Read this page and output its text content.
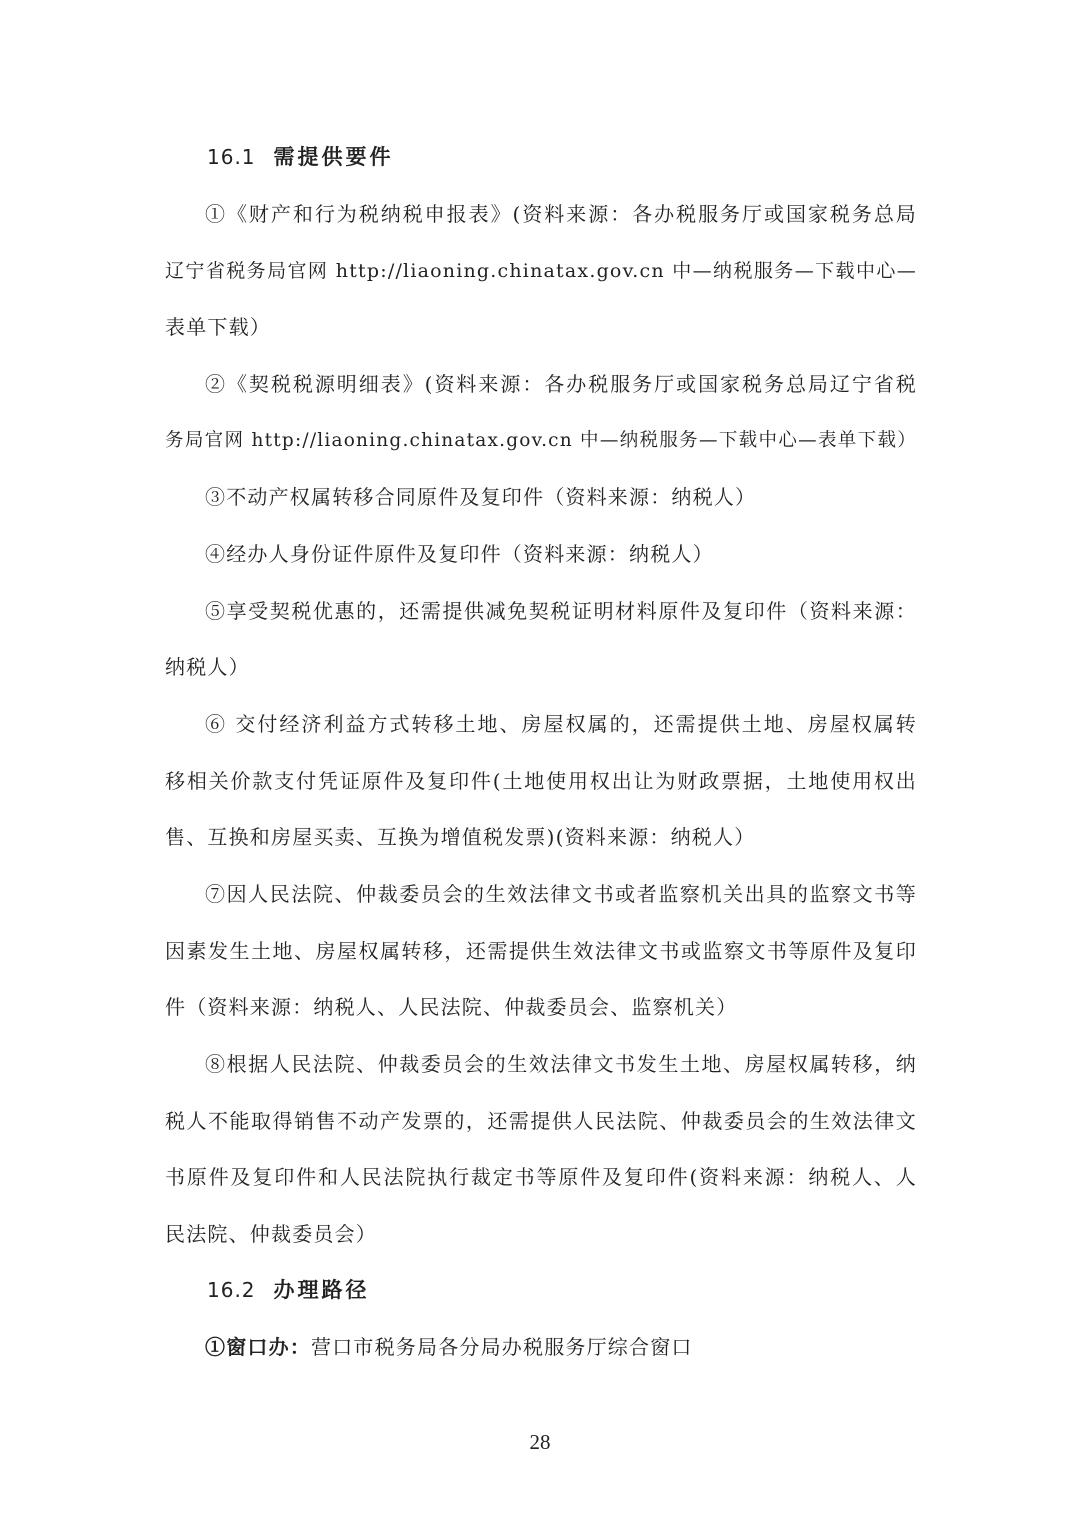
16.1 需提供要件
①《财产和行为税纳税申报表》(资料来源：各办税服务厅或国家税务总局
辽宁省税务局官网 http://liaoning.chinatax.gov.cn 中—纳税服务—下载中心—
表单下载）
②《契税税源明细表》(资料来源：各办税服务厅或国家税务总局辽宁省税
务局官网 http://liaoning.chinatax.gov.cn 中—纳税服务—下载中心—表单下载）
③不动产权属转移合同原件及复印件（资料来源：纳税人）
④经办人身份证件原件及复印件（资料来源：纳税人）
⑤享受契税优惠的，还需提供减免契税证明材料原件及复印件（资料来源：
纳税人）
⑥ 交付经济利益方式转移土地、房屋权属的，还需提供土地、房屋权属转
移相关价款支付凭证原件及复印件(土地使用权出让为财政票据，土地使用权出
售、互换和房屋买卖、互换为增值税发票)(资料来源：纳税人）
⑦因人民法院、仲裁委员会的生效法律文书或者监察机关出具的监察文书等
因素发生土地、房屋权属转移，还需提供生效法律文书或监察文书等原件及复印
件（资料来源：纳税人、人民法院、仲裁委员会、监察机关）
⑧根据人民法院、仲裁委员会的生效法律文书发生土地、房屋权属转移，纳
税人不能取得销售不动产发票的，还需提供人民法院、仲裁委员会的生效法律文
书原件及复印件和人民法院执行裁定书等原件及复印件(资料来源：纳税人、人
民法院、仲裁委员会）
16.2 办理路径
①窗口办：营口市税务局各分局办税服务厅综合窗口
28
